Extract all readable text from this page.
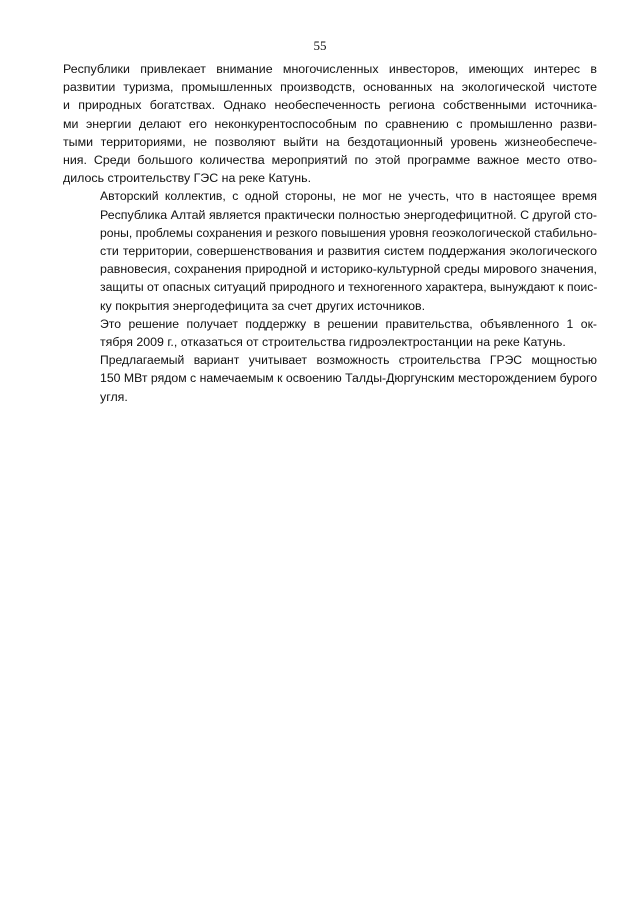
55

Республики привлекает внимание многочисленных инвесторов, имеющих интерес в
развитии туризма, промышленных производств, основанных на экологической чистоте
и природных богатствах. Однако необеспеченность региона собственными источника-
ми энергии делают его неконкурентоспособным по сравнению с промышленно разви-
тыми территориями, не позволяют выйти на бездотационный уровень жизнеобеспече-
ния. Среди большого количества мероприятий по этой программе важное место отво-
дилось строительству ГЭС на реке Катунь.

Авторский коллектив, с одной стороны, не мог не учесть, что в настоящее время
Республика Алтай является практически полностью энергодефицитной. С другой сто-
роны, проблемы сохранения и резкого повышения уровня геоэкологической стабильно-
сти территории, совершенствования и развития систем поддержания экологического
равновесия, сохранения природной и историко-культурной среды мирового значения,
защиты от опасных ситуаций природного и техногенного характера, вынуждают к поис-
ку покрытия энергодефицита за счет других источников.

Это решение получает поддержку в решении правительства, объявленного 1 ок-
тября 2009 г., отказаться от строительства гидроэлектростанции на реке Катунь.

Предлагаемый вариант учитывает возможность строительства ГРЭС мощностью
150 МВт рядом с намечаемым к освоению Талды-Дюргунским месторождением бурого
угля.
